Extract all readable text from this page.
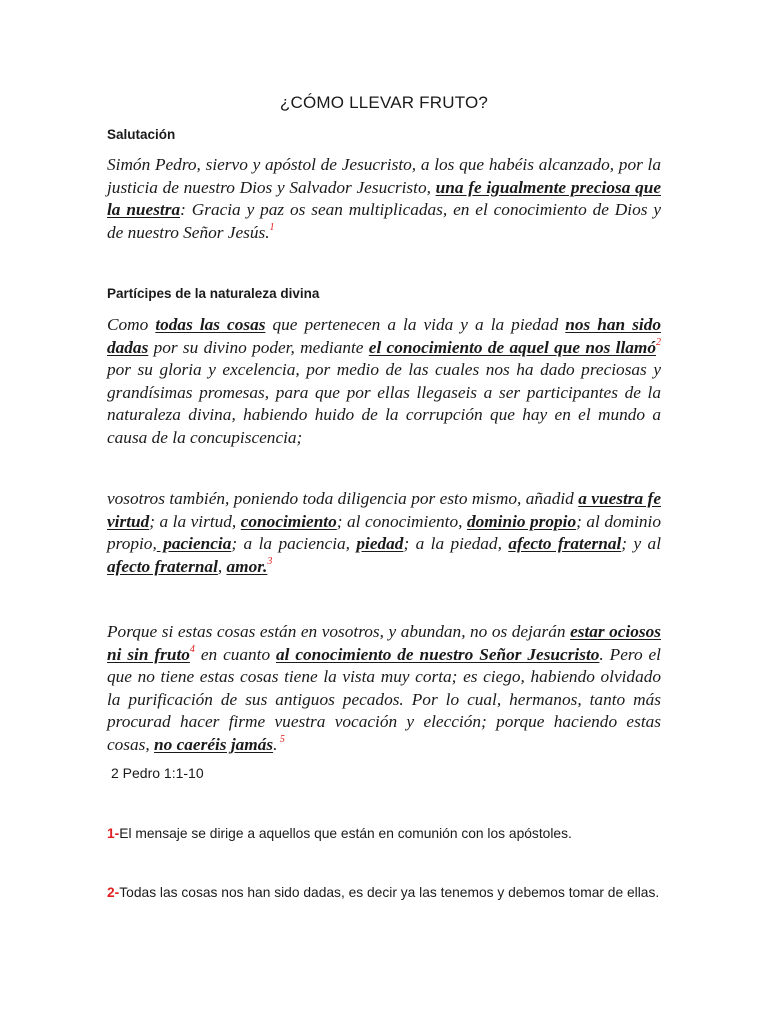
¿CÓMO LLEVAR FRUTO?
Salutación
Simón Pedro, siervo y apóstol de Jesucristo, a los que habéis alcanzado, por la justicia de nuestro Dios y Salvador Jesucristo, una fe igualmente preciosa que la nuestra: Gracia y paz os sean multiplicadas, en el conocimiento de Dios y de nuestro Señor Jesús.$^1$
Partícipes de la naturaleza divina
Como todas las cosas que pertenecen a la vida y a la piedad nos han sido dadas por su divino poder, mediante el conocimiento de aquel que nos llamó$^2$ por su gloria y excelencia, por medio de las cuales nos ha dado preciosas y grandísimas promesas, para que por ellas llegaseis a ser participantes de la naturaleza divina, habiendo huido de la corrupción que hay en el mundo a causa de la concupiscencia;
vosotros también, poniendo toda diligencia por esto mismo, añadid a vuestra fe virtud; a la virtud, conocimiento; al conocimiento, dominio propio; al dominio propio, paciencia; a la paciencia, piedad; a la piedad, afecto fraternal; y al afecto fraternal, amor.$^3$
Porque si estas cosas están en vosotros, y abundan, no os dejarán estar ociosos ni sin fruto$^4$ en cuanto al conocimiento de nuestro Señor Jesucristo. Pero el que no tiene estas cosas tiene la vista muy corta; es ciego, habiendo olvidado la purificación de sus antiguos pecados. Por lo cual, hermanos, tanto más procurad hacer firme vuestra vocación y elección; porque haciendo estas cosas, no caeréis jamás. $^5$
2 Pedro 1:1-10
1-El mensaje se dirige a aquellos que están en comunión con los apóstoles.
2-Todas las cosas nos han sido dadas, es decir ya las tenemos y debemos tomar de ellas.
